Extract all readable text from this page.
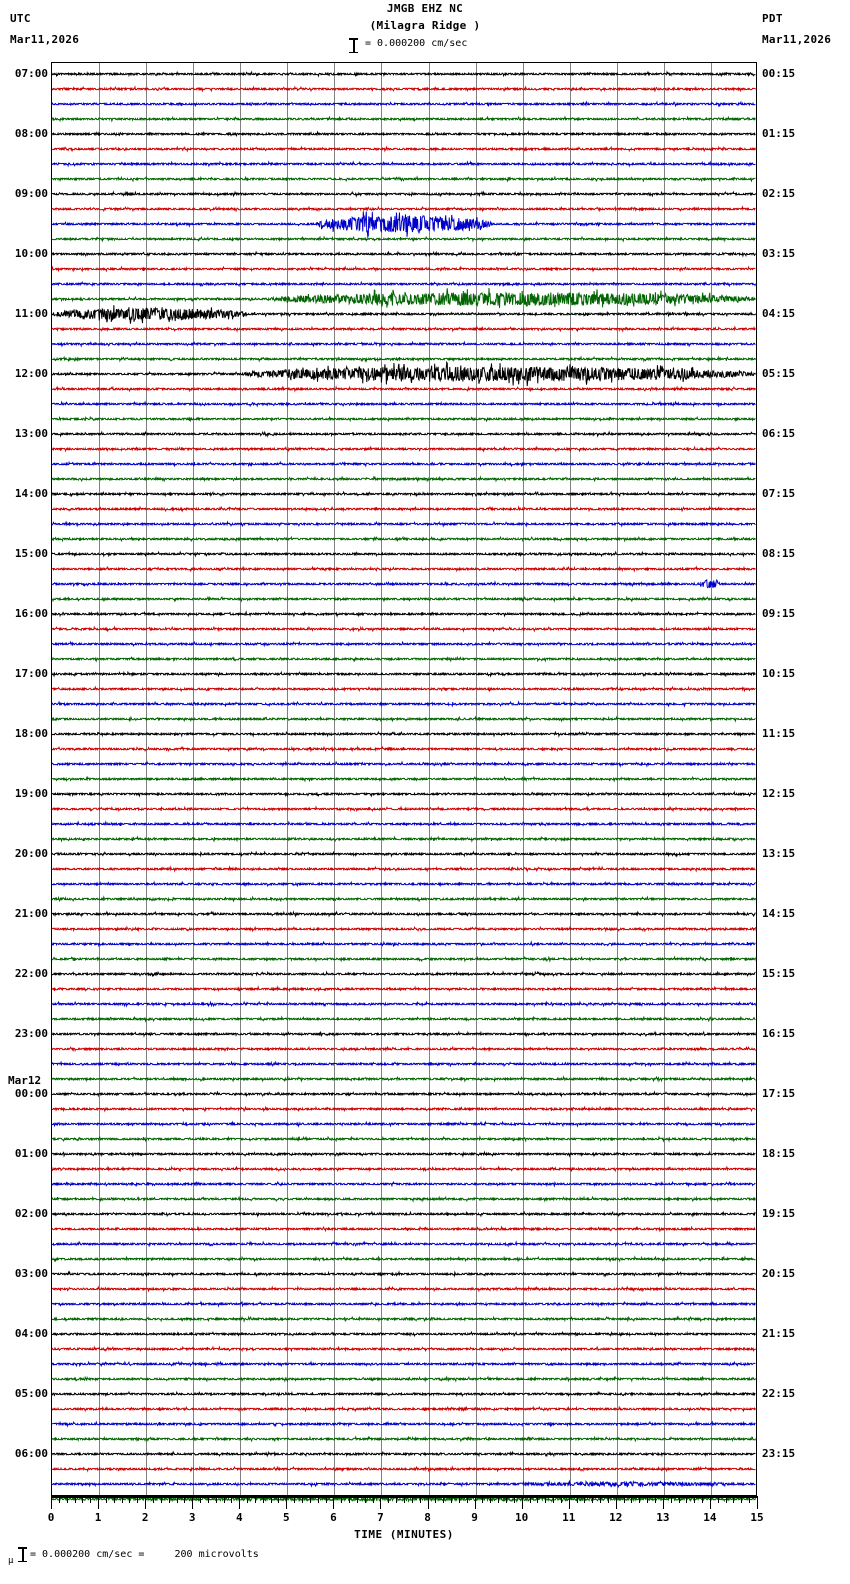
UTC
Mar11,2026
PDT
Mar11,2026
JMGB EHZ NC
(Milagra Ridge )
= 0.000200 cm/sec
07:00
08:00
09:00
10:00
11:00
12:00
13:00
14:00
15:00
16:00
17:00
18:00
19:00
20:00
21:00
22:00
23:00
00:00
Mar12
01:00
02:00
03:00
04:00
05:00
06:00
00:15
01:15
02:15
03:15
04:15
05:15
06:15
07:15
08:15
09:15
10:15
11:15
12:15
13:15
14:15
15:15
16:15
17:15
18:15
19:15
20:15
21:15
22:15
23:15
TIME (MINUTES)
μ
= 0.000200 cm/sec =     200 microvolts
0	1	2	3	4	5	6	7	8	9	10	11	12	13	14	15
